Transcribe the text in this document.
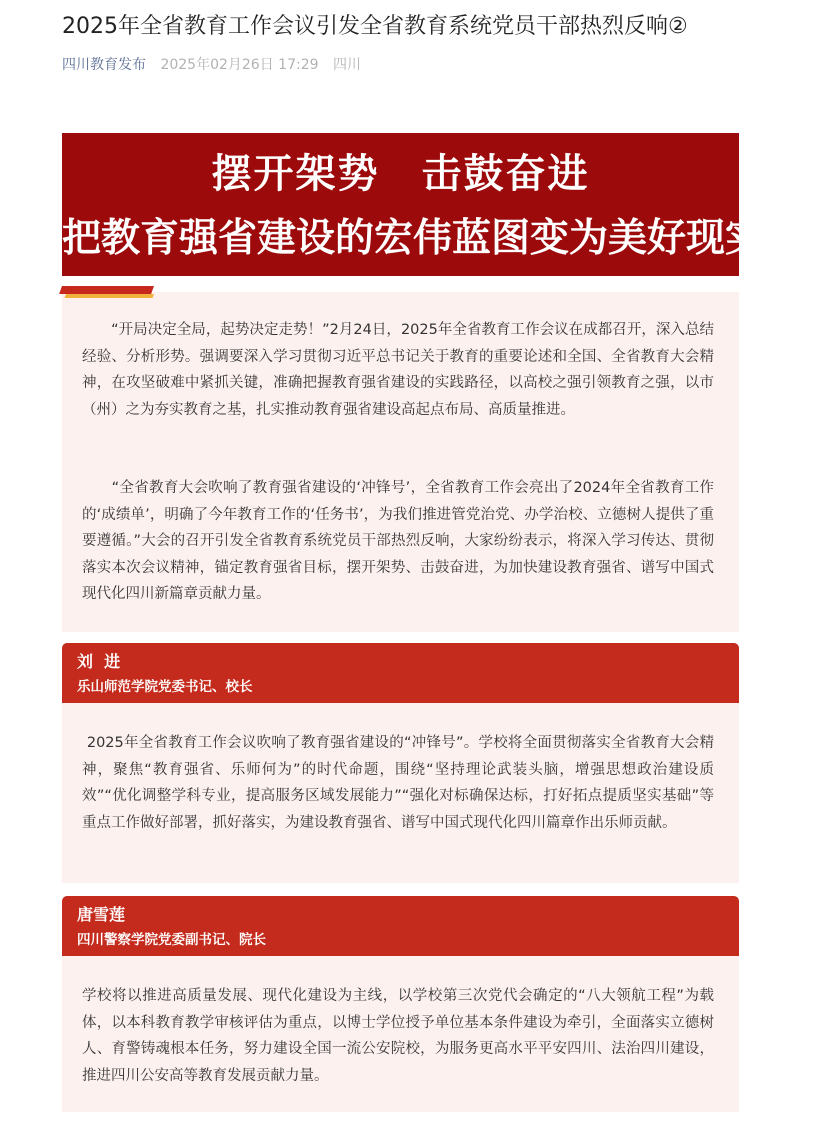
2025年全省教育工作会议引发全省教育系统党员干部热烈反响②
四川教育发布 2025年02月26日 17:29 四川
摆开架势　击鼓奋进
把教育强省建设的宏伟蓝图变为美好现实

　　“开局决定全局，起势决定走势！”2月24日，2025年全省教育工作会议在成都召开，深入总结经验、分析形势。强调要深入学习贯彻习近平总书记关于教育的重要论述和全国、全省教育大会精神，在攻坚破难中紧抓关键，准确把握教育强省建设的实践路径，以高校之强引领教育之强，以市（州）之为夯实教育之基，扎实推动教育强省建设高起点布局、高质量推进。

　　“全省教育大会吹响了教育强省建设的‘冲锋号’，全省教育工作会亮出了2024年全省教育工作的‘成绩单’，明确了今年教育工作的‘任务书’，为我们推进管党治党、办学治校、立德树人提供了重要遵循。”大会的召开引发全省教育系统党员干部热烈反响，大家纷纷表示，将深入学习传达、贯彻落实本次会议精神，锚定教育强省目标，摆开架势、击鼓奋进，为加快建设教育强省、谱写中国式现代化四川新篇章贡献力量。

刘  进
乐山师范学院党委书记、校长

2025年全省教育工作会议吹响了教育强省建设的“冲锋号”。学校将全面贯彻落实全省教育大会精神，聚焦“教育强省、乐师何为”的时代命题，围绕“坚持理论武装头脑，增强思想政治建设质效”“优化调整学科专业，提高服务区域发展能力”“强化对标确保达标，打好拓点提质坚实基础”等重点工作做好部署，抓好落实，为建设教育强省、谱写中国式现代化四川篇章作出乐师贡献。

唐雪莲
四川警察学院党委副书记、院长

学校将以推进高质量发展、现代化建设为主线，以学校第三次党代会确定的“八大领航工程”为载体，以本科教育教学审核评估为重点，以博士学位授予单位基本条件建设为牵引，全面落实立德树人、育警铸魂根本任务，努力建设全国一流公安院校，为服务更高水平平安四川、法治四川建设，推进四川公安高等教育发展贡献力量。
